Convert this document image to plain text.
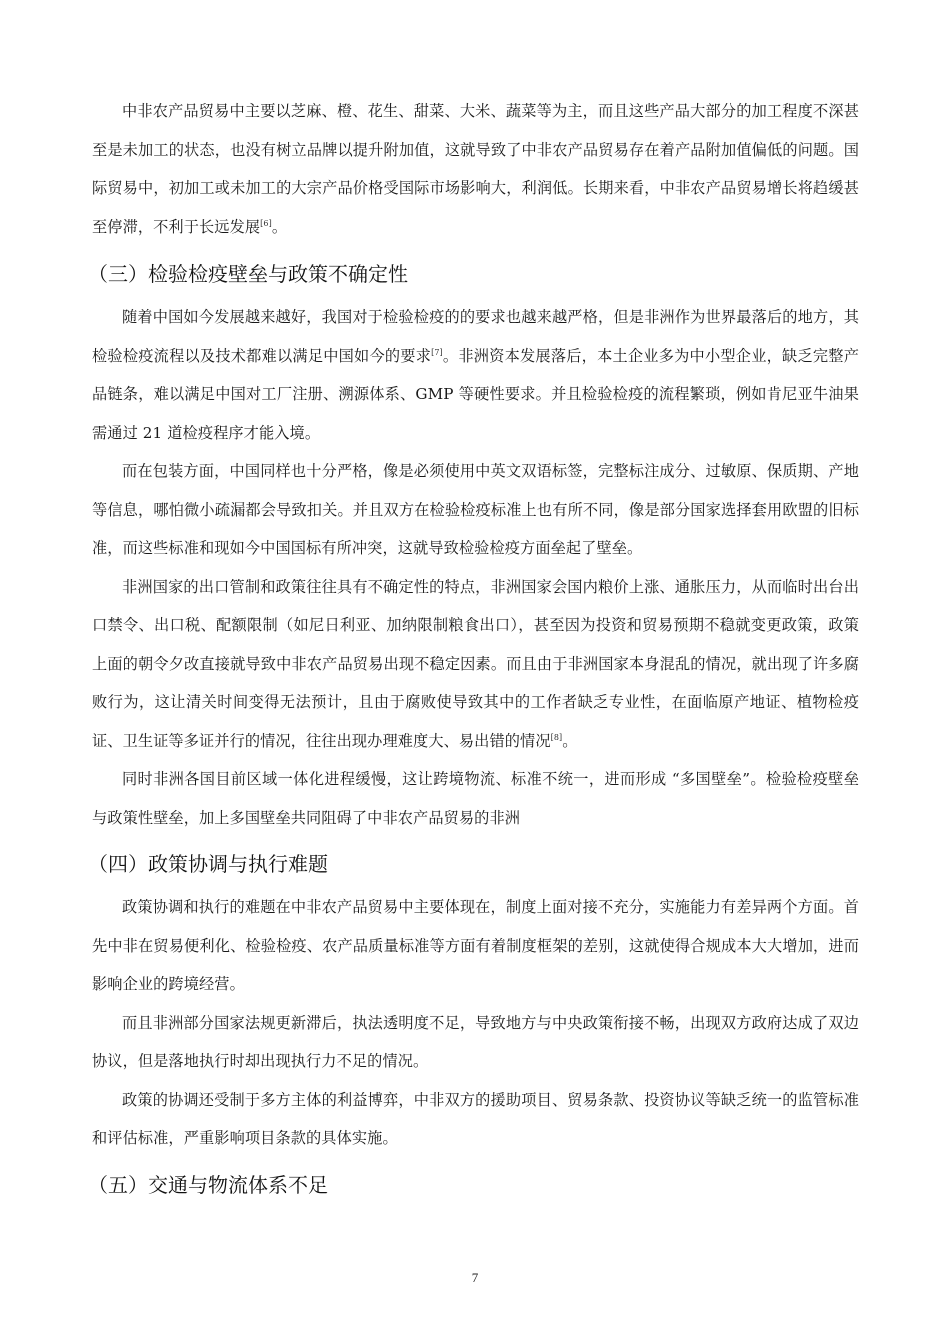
中非农产品贸易中主要以芝麻、橙、花生、甜菜、大米、蔬菜等为主，而且这些产品大部分的加工程度不深甚至是未加工的状态，也没有树立品牌以提升附加值，这就导致了中非农产品贸易存在着产品附加值偏低的问题。国际贸易中，初加工或未加工的大宗产品价格受国际市场影响大，利润低。长期来看，中非农产品贸易增长将趋缓甚至停滞，不利于长远发展[6]。

（三）检验检疫壁垒与政策不确定性

随着中国如今发展越来越好，我国对于检验检疫的的要求也越来越严格，但是非洲作为世界最落后的地方，其检验检疫流程以及技术都难以满足中国如今的要求[7]。非洲资本发展落后，本土企业多为中小型企业，缺乏完整产品链条，难以满足中国对工厂注册、溯源体系、GMP 等硬性要求。并且检验检疫的流程繁琐，例如肯尼亚牛油果需通过 21 道检疫程序才能入境。

而在包装方面，中国同样也十分严格，像是必须使用中英文双语标签，完整标注成分、过敏原、保质期、产地等信息，哪怕微小疏漏都会导致扣关。并且双方在检验检疫标准上也有所不同，像是部分国家选择套用欧盟的旧标准，而这些标准和现如今中国国标有所冲突，这就导致检验检疫方面垒起了壁垒。

非洲国家的出口管制和政策往往具有不确定性的特点，非洲国家会国内粮价上涨、通胀压力，从而临时出台出口禁令、出口税、配额限制（如尼日利亚、加纳限制粮食出口），甚至因为投资和贸易预期不稳就变更政策，政策上面的朝令夕改直接就导致中非农产品贸易出现不稳定因素。而且由于非洲国家本身混乱的情况，就出现了许多腐败行为，这让清关时间变得无法预计，且由于腐败使导致其中的工作者缺乏专业性，在面临原产地证、植物检疫证、卫生证等多证并行的情况，往往出现办理难度大、易出错的情况[8]。

同时非洲各国目前区域一体化进程缓慢，这让跨境物流、标准不统一，进而形成 “多国壁垒”。检验检疫壁垒与政策性壁垒，加上多国壁垒共同阻碍了中非农产品贸易的非洲

（四）政策协调与执行难题

政策协调和执行的难题在中非农产品贸易中主要体现在，制度上面对接不充分，实施能力有差异两个方面。首先中非在贸易便利化、检验检疫、农产品质量标准等方面有着制度框架的差别，这就使得合规成本大大增加，进而影响企业的跨境经营。

而且非洲部分国家法规更新滞后，执法透明度不足，导致地方与中央政策衔接不畅，出现双方政府达成了双边协议，但是落地执行时却出现执行力不足的情况。

政策的协调还受制于多方主体的利益博弈，中非双方的援助项目、贸易条款、投资协议等缺乏统一的监管标准和评估标准，严重影响项目条款的具体实施。

（五）交通与物流体系不足
7
